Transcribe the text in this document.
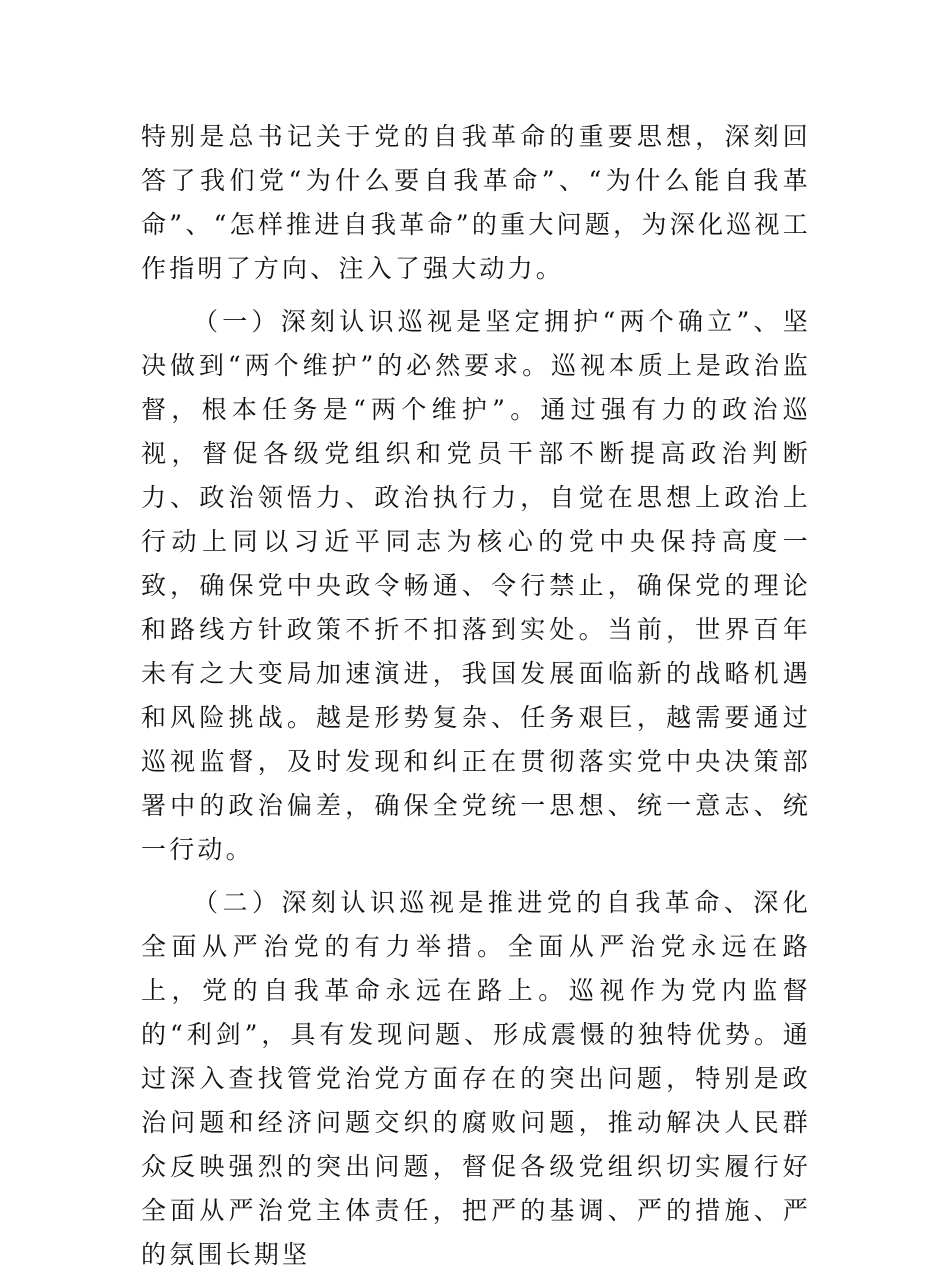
特别是总书记关于党的自我革命的重要思想，深刻回答了我们党“为什么要自我革命”、“为什么能自我革命”、“怎样推进自我革命”的重大问题，为深化巡视工作指明了方向、注入了强大动力。

（一）深刻认识巡视是坚定拥护“两个确立”、坚决做到“两个维护”的必然要求。巡视本质上是政治监督，根本任务是“两个维护”。通过强有力的政治巡视，督促各级党组织和党员干部不断提高政治判断力、政治领悟力、政治执行力，自觉在思想上政治上行动上同以习近平同志为核心的党中央保持高度一致，确保党中央政令畅通、令行禁止，确保党的理论和路线方针政策不折不扣落到实处。当前，世界百年未有之大变局加速演进，我国发展面临新的战略机遇和风险挑战。越是形势复杂、任务艰巨，越需要通过巡视监督，及时发现和纠正在贯彻落实党中央决策部署中的政治偏差，确保全党统一思想、统一意志、统一行动。

（二）深刻认识巡视是推进党的自我革命、深化全面从严治党的有力举措。全面从严治党永远在路上，党的自我革命永远在路上。巡视作为党内监督的“利剑”，具有发现问题、形成震慑的独特优势。通过深入查找管党治党方面存在的突出问题，特别是政治问题和经济问题交织的腐败问题，推动解决人民群众反映强烈的突出问题，督促各级党组织切实履行好全面从严治党主体责任，把严的基调、严的措施、严的氛围长期坚
